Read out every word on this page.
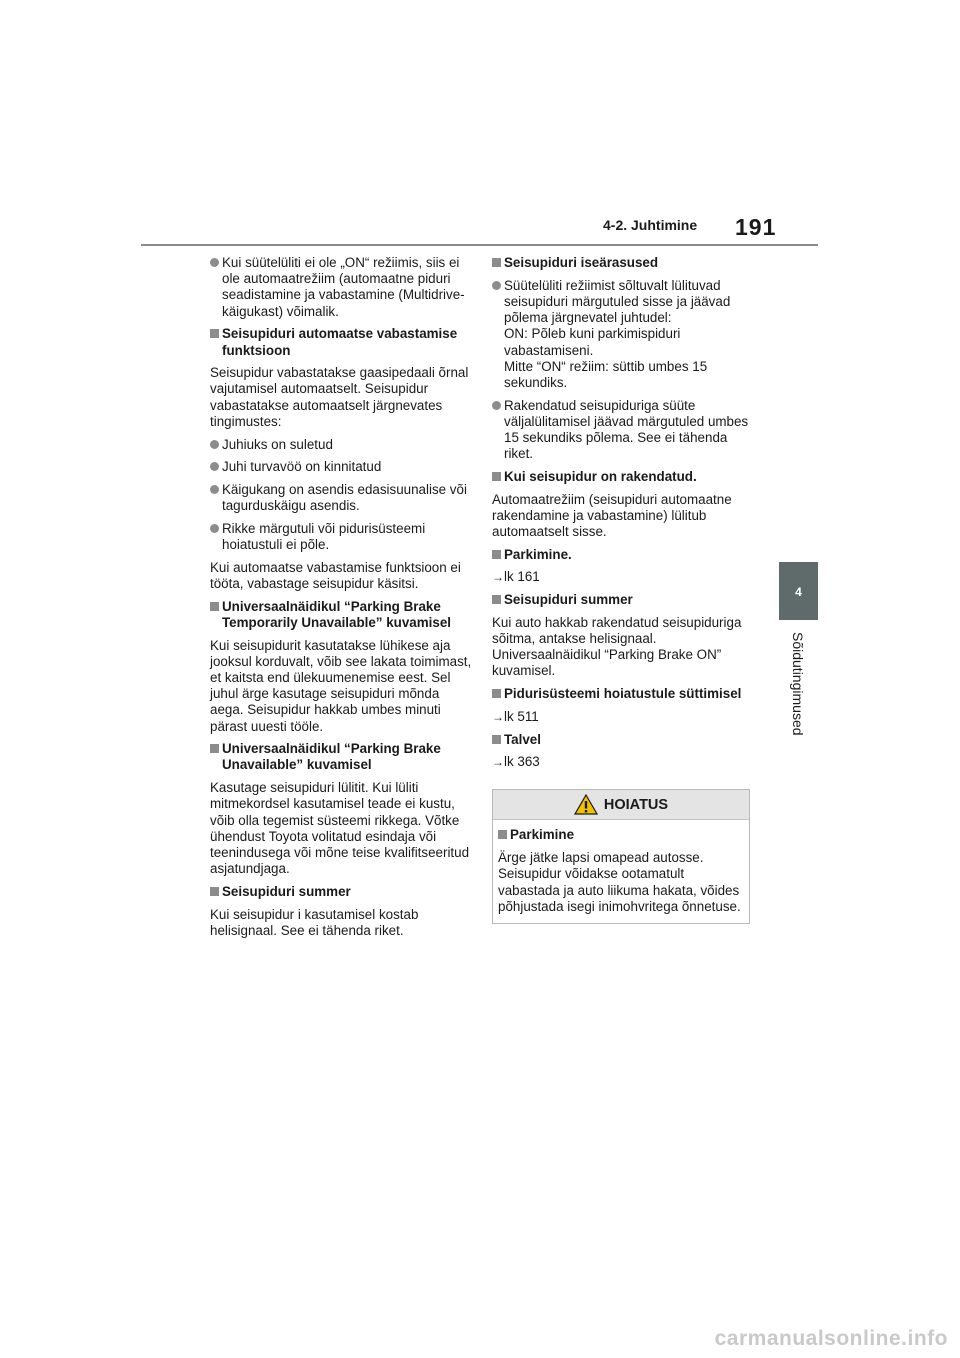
4-2. Juhtimine 191
4
Sõidutingimused
Kui süütelüliti ei ole „ON“ režiimis, siis ei ole automaatrežiim (automaatne piduri seadistamine ja vabastamine (Multidrive-käigukast) võimalik.
Seisupiduri automaatse vabastamise funktsioon
Seisupidur vabastatakse gaasipedaali õrnal vajutamisel automaatselt. Seisupidur vabastatakse automaatselt järgnevates tingimustes:
Juhiuks on suletud
Juhi turvavöö on kinnitatud
Käigukang on asendis edasisuunalise või tagurduskäigu asendis.
Rikke märgutuli või pidurisüsteemi hoiatustuli ei põle.
Kui automaatse vabastamise funktsioon ei tööta, vabastage seisupidur käsitsi.
Universaalnäidikul “Parking Brake Temporarily Unavailable” kuvamisel
Kui seisupidurit kasutatakse lühikese aja jooksul korduvalt, võib see lakata toimimast, et kaitsta end ülekuumenemise eest. Sel juhul ärge kasutage seisupiduri mõnda aega. Seisupidur hakkab umbes minuti pärast uuesti tööle.
Universaalnäidikul “Parking Brake Unavailable” kuvamisel
Kasutage seisupiduri lülitit. Kui lüliti mitmekordsel kasutamisel teade ei kustu, võib olla tegemist süsteemi rikkega. Võtke ühendust Toyota volitatud esindaja või teenindusega või mõne teise kvalifitseeritud asjatundjaga.
Seisupiduri summer
Kui seisupidur i kasutamisel kostab helisignaal. See ei tähenda riket.
Seisupiduri iseärasused
Süütelüliti režiimist sõltuvalt lülituvad seisupiduri märgutuled sisse ja jäävad põlema järgnevatel juhtudel:
ON: Põleb kuni parkimispiduri vabastamiseni.
Mitte “ON“ režiim: süttib umbes 15 sekundiks.
Rakendatud seisupiduriga süüte väljalülitamisel jäävad märgutuled umbes 15 sekundiks põlema. See ei tähenda riket.
Kui seisupidur on rakendatud.
Automaatrežiim (seisupiduri automaatne rakendamine ja vabastamine) lülitub automaatselt sisse.
Parkimine.
→lk 161
Seisupiduri summer
Kui auto hakkab rakendatud seisupiduriga sõitma, antakse helisignaal. Universaalnäidikul “Parking Brake ON” kuvamisel.
Pidurisüsteemi hoiatustule süttimisel
→lk 511
Talvel
→lk 363
HOIATUS
Parkimine
Ärge jätke lapsi omapead autosse. Seisupidur võidakse ootamatult vabastada ja auto liikuma hakata, võides põhjustada isegi inimohvritega õnnetuse.
carmanualsonline.info
